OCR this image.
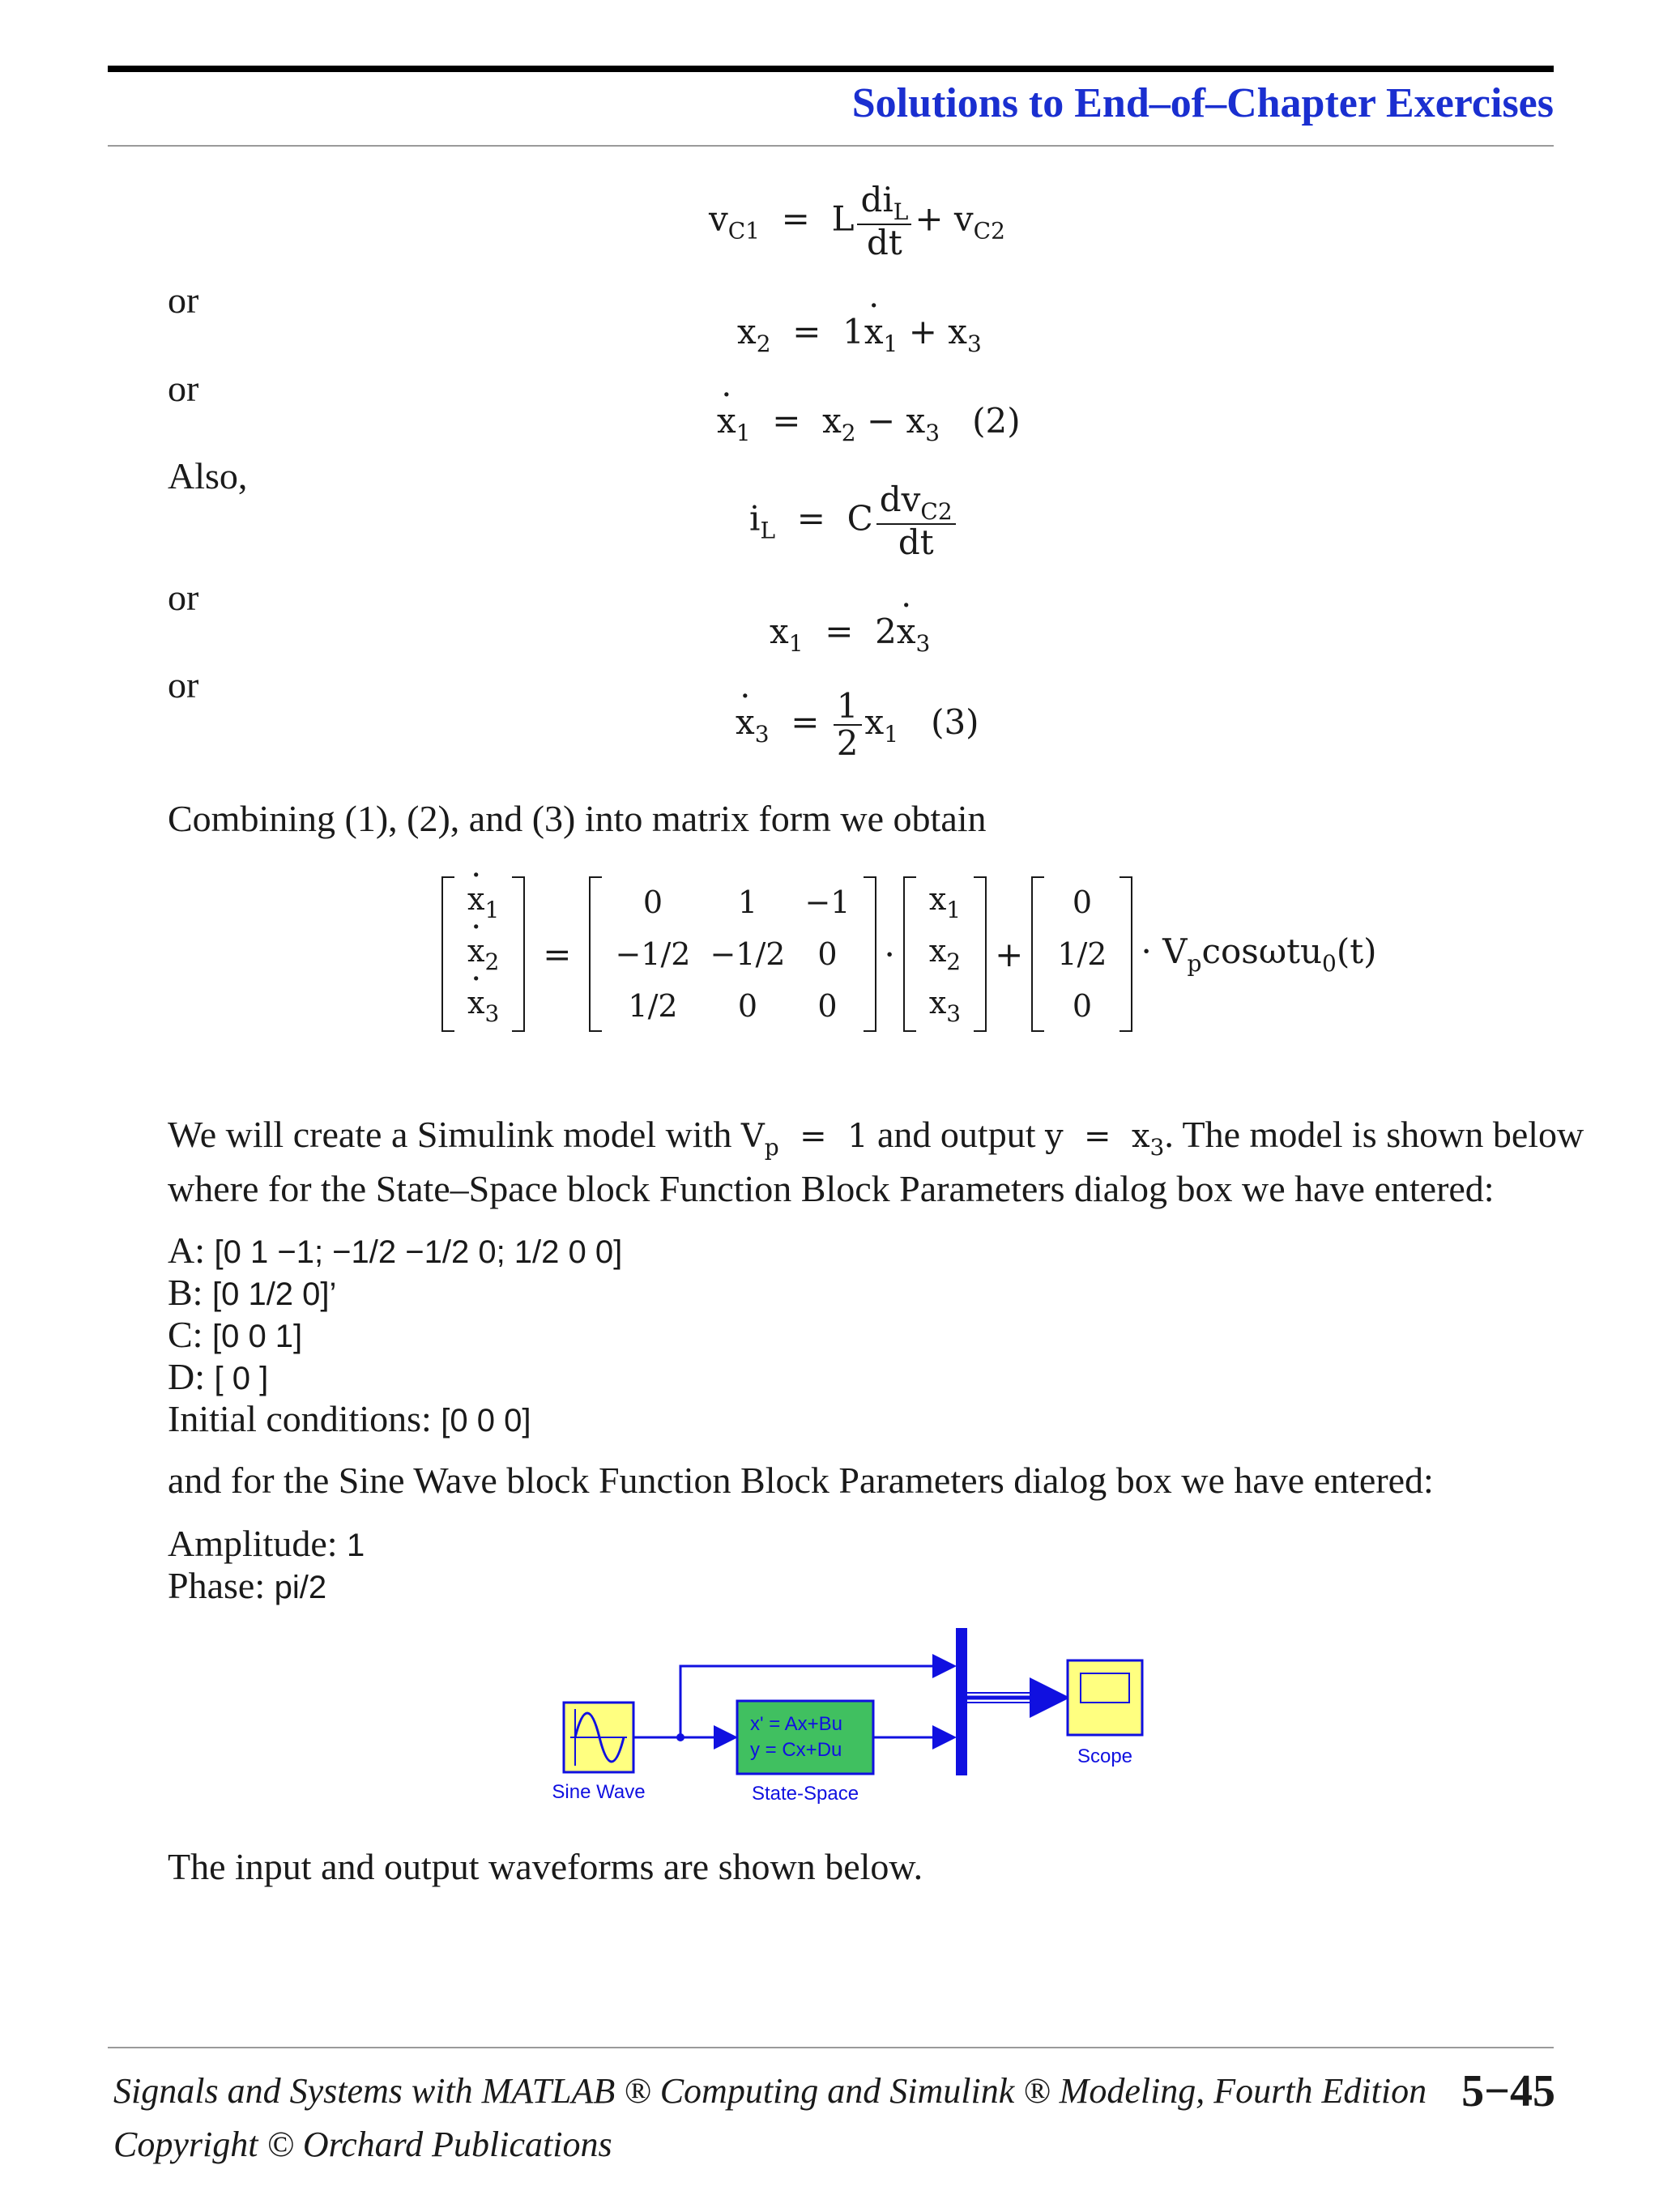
Solutions to End–of–Chapter Exercises
$v_{C1} = L \frac{di_L}{dt} + v_{C2}$
or
$x_2 = 1\cdot x_1 + x_3$
or
· $x_1 = x_2 - x_3$   (2)
Also,
$i_L = C \frac{dv_{C2}}{dt}$
or
$x_1 = 2\cdot x_3$
or
· $x_3 = \frac{1}{2} x_1$   (3)
Combining (1), (2), and (3) into matrix form we obtain
· $x_1$
· $x_2$
· $x_3$
=
0	1	−1
−1/2	−1/2	0
1/2	0	0
·
$x_1$
$x_2$
$x_3$
+
0
1/2
0
· $V_p\cos\omega tu_0(t)$
We will create a Simulink model with $V_p = 1$ and output $y = x_3$. The model is shown below
where for the State–Space block Function Block Parameters dialog box we have entered:
A: [0 1 −1; −1/2 −1/2 0; 1/2 0 0]
B: [0 1/2 0]’
C: [0 0 1]
D: [ 0 ]
Initial conditions: [0 0 0]
and for the Sine Wave block Function Block Parameters dialog box we have entered:
Amplitude: 1
Phase: pi/2
Sine Wave
x' = Ax+Bu
y = Cx+Du
State-Space
Scope
The input and output waveforms are shown below.
Signals and Systems with MATLAB ® Computing and Simulink ® Modeling, Fourth Edition
Copyright © Orchard Publications
5−45
